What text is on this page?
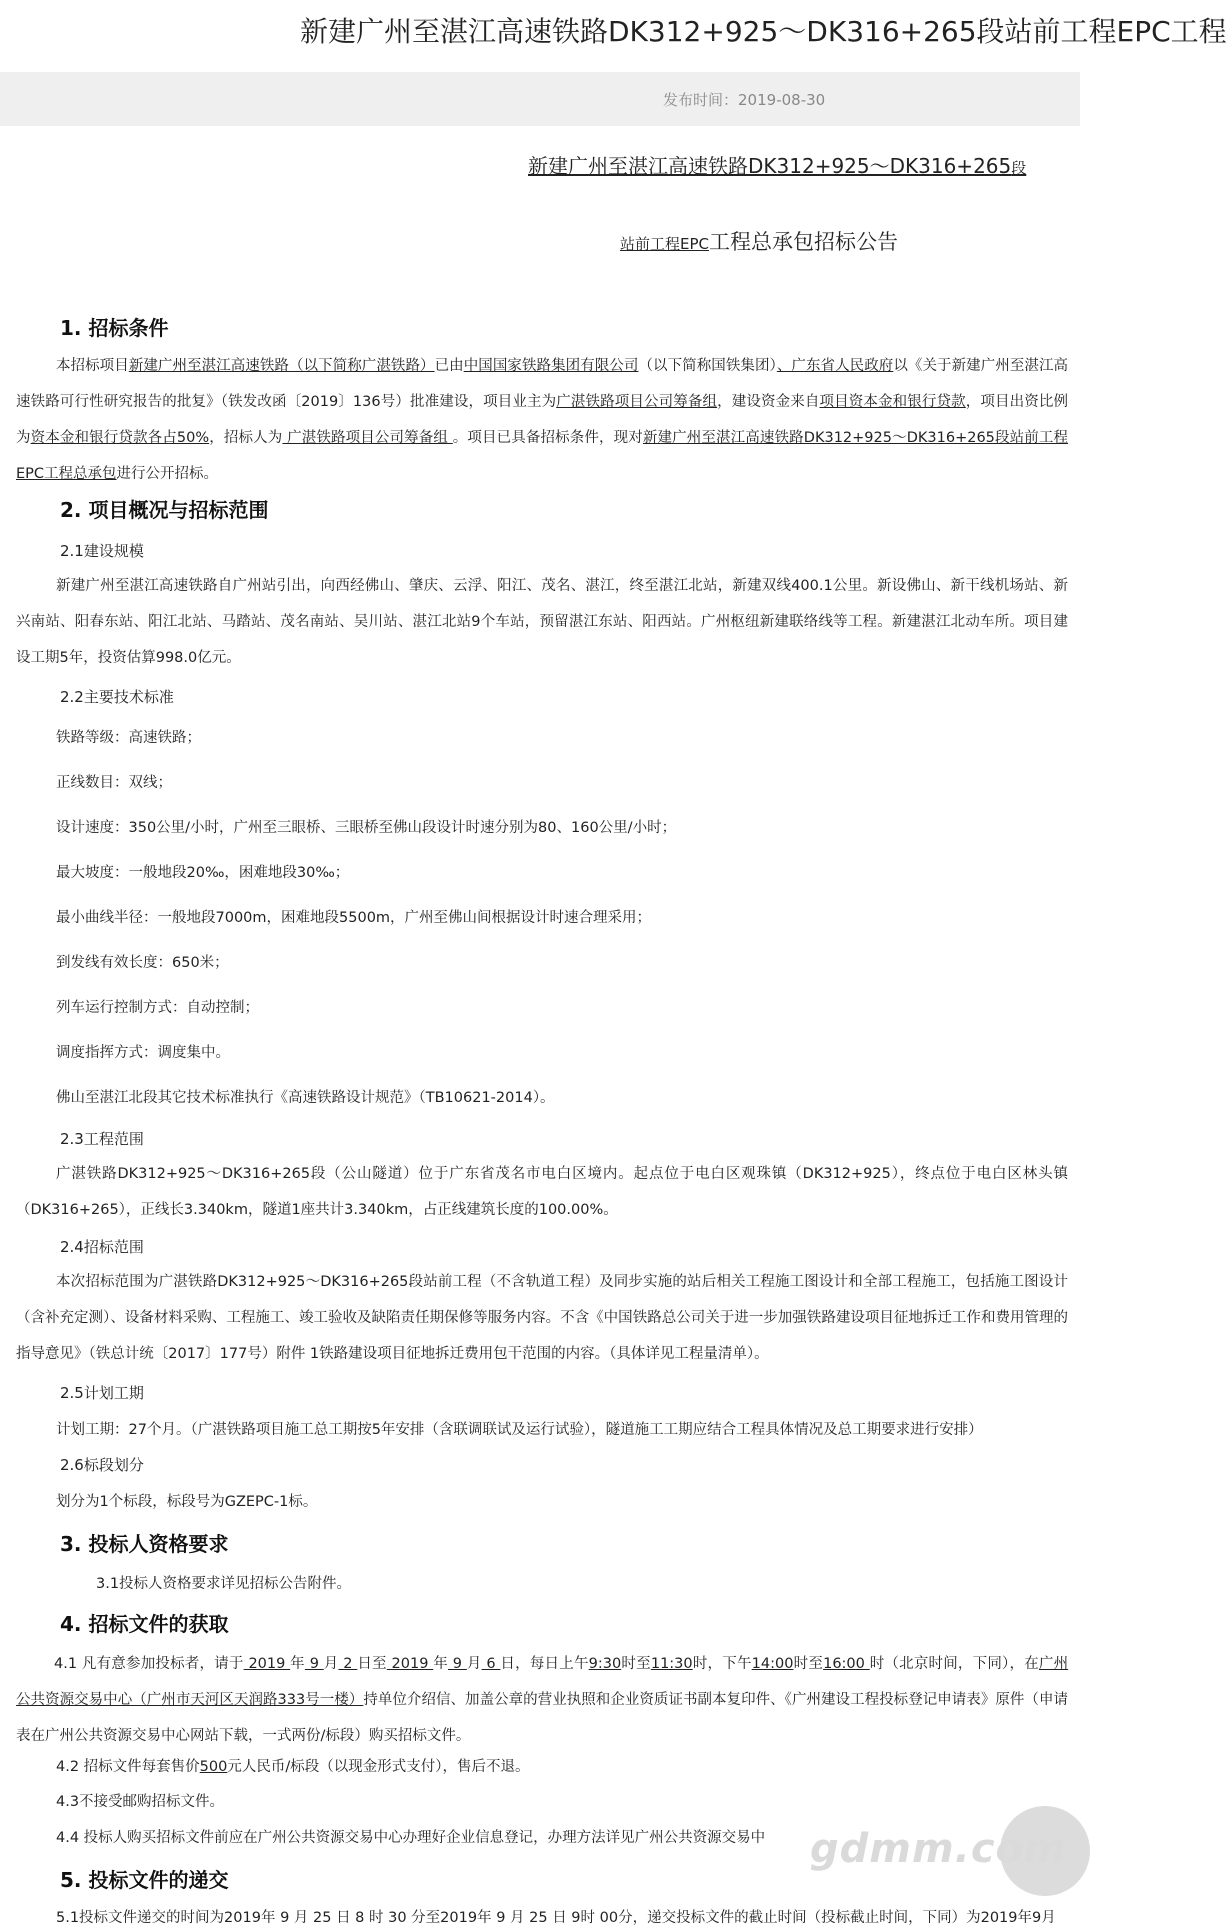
新建广州至湛江高速铁路DK312+925～DK316+265段站前工程EPC工程
发布时间：2019-08-30
新建广州至湛江高速铁路DK312+925～DK316+265段
站前工程EPC工程总承包招标公告
1. 招标条件
本招标项目新建广州至湛江高速铁路（以下简称广湛铁路）已由中国国家铁路集团有限公司（以下简称国铁集团）、广东省人民政府以《关于新建广州至湛江高速铁路可行性研究报告的批复》（铁发改函〔2019〕136号）批准建设，项目业主为广湛铁路项目公司筹备组，建设资金来自项目资本金和银行贷款，项目出资比例为资本金和银行贷款各占50%，招标人为 广湛铁路项目公司筹备组 。项目已具备招标条件，现对新建广州至湛江高速铁路DK312+925～DK316+265段站前工程EPC工程总承包进行公开招标。
2. 项目概况与招标范围
2.1建设规模
新建广州至湛江高速铁路自广州站引出，向西经佛山、肇庆、云浮、阳江、茂名、湛江，终至湛江北站，新建双线400.1公里。新设佛山、新干线机场站、新兴南站、阳春东站、阳江北站、马踏站、茂名南站、吴川站、湛江北站9个车站，预留湛江东站、阳西站。广州枢纽新建联络线等工程。新建湛江北动车所。项目建设工期5年，投资估算998.0亿元。
2.2主要技术标准
铁路等级：高速铁路；
正线数目：双线；
设计速度：350公里/小时，广州至三眼桥、三眼桥至佛山段设计时速分别为80、160公里/小时；
最大坡度：一般地段20‰，困难地段30‰；
最小曲线半径：一般地段7000m，困难地段5500m，广州至佛山间根据设计时速合理采用；
到发线有效长度：650米；
列车运行控制方式：自动控制；
调度指挥方式：调度集中。
佛山至湛江北段其它技术标准执行《高速铁路设计规范》（TB10621-2014）。
2.3工程范围
广湛铁路DK312+925～DK316+265段（公山隧道）位于广东省茂名市电白区境内。起点位于电白区观珠镇（DK312+925），终点位于电白区林头镇（DK316+265），正线长3.340km，隧道1座共计3.340km，占正线建筑长度的100.00%。
2.4招标范围
本次招标范围为广湛铁路DK312+925～DK316+265段站前工程（不含轨道工程）及同步实施的站后相关工程施工图设计和全部工程施工，包括施工图设计（含补充定测）、设备材料采购、工程施工、竣工验收及缺陷责任期保修等服务内容。不含《中国铁路总公司关于进一步加强铁路建设项目征地拆迁工作和费用管理的指导意见》（铁总计统〔2017〕177号）附件 1铁路建设项目征地拆迁费用包干范围的内容。（具体详见工程量清单）。
2.5计划工期
计划工期：27个月。（广湛铁路项目施工总工期按5年安排（含联调联试及运行试验），隧道施工工期应结合工程具体情况及总工期要求进行安排）
2.6标段划分
划分为1个标段，标段号为GZEPC-1标。
3. 投标人资格要求
3.1投标人资格要求详见招标公告附件。
4. 招标文件的获取
4.1 凡有意参加投标者，请于 2019 年 9 月 2 日至 2019 年 9 月 6 日，每日上午9:30时至11:30时，下午14:00时至16:00 时（北京时间，下同），在广州公共资源交易中心（广州市天河区天润路333号一楼）持单位介绍信、加盖公章的营业执照和企业资质证书副本复印件、《广州建设工程投标登记申请表》原件（申请表在广州公共资源交易中心网站下载，一式两份/标段）购买招标文件。
4.2 招标文件每套售价500元人民币/标段（以现金形式支付），售后不退。
4.3不接受邮购招标文件。
4.4 投标人购买招标文件前应在广州公共资源交易中心办理好企业信息登记，办理方法详见广州公共资源交易中
5. 投标文件的递交
5.1投标文件递交的时间为2019年 9 月 25 日 8 时 30 分至2019年 9 月 25 日 9时 00分，递交投标文件的截止时间（投标截止时间，下同）为2019年9月
gdmm.com
